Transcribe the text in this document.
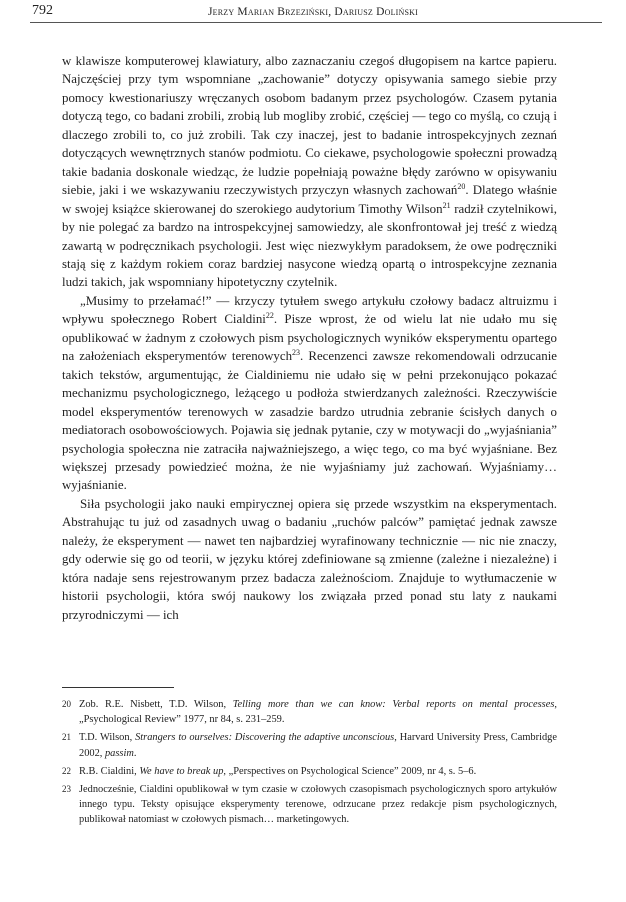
792	Jerzy Marian Brzeziński, Dariusz Doliński

w klawisze komputerowej klawiatury, albo zaznaczaniu czegoś długopisem na kartce papieru. Najczęściej przy tym wspomniane „zachowanie” dotyczy opisywania samego siebie przy pomocy kwestionariuszy wręczanych osobom badanym przez psychologów. Czasem pytania dotyczą tego, co badani zrobili, zrobią lub mogliby zrobić, częściej — tego co myślą, co czują i dlaczego zrobili to, co już zrobili. Tak czy inaczej, jest to badanie introspekcyjnych zeznań dotyczących wewnętrznych stanów podmiotu. Co ciekawe, psychologowie społeczni prowadzą takie badania doskonale wiedząc, że ludzie popełniają poważne błędy zarówno w opisywaniu siebie, jaki i we wskazywaniu rzeczywistych przyczyn własnych zachowań$^{20}$. Dlatego właśnie w swojej książce skierowanej do szerokiego audytorium Timothy Wilson$^{21}$ radził czytelnikowi, by nie polegać za bardzo na introspekcyjnej samowiedzy, ale skonfrontował jej treść z wiedzą zawartą w podręcznikach psychologii. Jest więc niezwykłym paradoksem, że owe podręczniki stają się z każdym rokiem coraz bardziej nasycone wiedzą opartą o introspekcyjne zeznania ludzi takich, jak wspomniany hipotetyczny czytelnik.

„Musimy to przełamać!” — krzyczy tytułem swego artykułu czołowy badacz altruizmu i wpływu społecznego Robert Cialdini$^{22}$. Pisze wprost, że od wielu lat nie udało mu się opublikować w żadnym z czołowych pism psychologicznych wyników eksperymentu opartego na założeniach eksperymentów terenowych$^{23}$. Recenzenci zawsze rekomendowali odrzucanie takich tekstów, argumentując, że Cialdiniemu nie udało się w pełni przekonująco pokazać mechanizmu psychologicznego, leżącego u podłoża stwierdzanych zależności. Rzeczywiście model eksperymentów terenowych w zasadzie bardzo utrudnia zebranie ścisłych danych o mediatorach osobowościowych. Pojawia się jednak pytanie, czy w motywacji do „wyjaśniania” psychologia społeczna nie zatraciła najważniejszego, a więc tego, co ma być wyjaśniane. Bez większej przesady powiedzieć można, że nie wyjaśniamy już zachowań. Wyjaśniamy… wyjaśnianie.

Siła psychologii jako nauki empirycznej opiera się przede wszystkim na eksperymentach. Abstrahując tu już od zasadnych uwag o badaniu „ruchów palców” pamiętać jednak zawsze należy, że eksperyment — nawet ten najbardziej wyrafinowany technicznie — nic nie znaczy, gdy oderwie się go od teorii, w języku której zdefiniowane są zmienne (zależne i niezależne) i która nadaje sens rejestrowanym przez badacza zależnościom. Znajduje to wytłumaczenie w historii psychologii, która swój naukowy los związała przed ponad stu laty z naukami przyrodniczymi — ich

20 Zob. R.E. Nisbett, T.D. Wilson, Telling more than we can know: Verbal reports on mental processes, „Psychological Review” 1977, nr 84, s. 231–259.
21 T.D. Wilson, Strangers to ourselves: Discovering the adaptive unconscious, Harvard University Press, Cambridge 2002, passim.
22 R.B. Cialdini, We have to break up, „Perspectives on Psychological Science” 2009, nr 4, s. 5–6.
23 Jednocześnie, Cialdini opublikował w tym czasie w czołowych czasopismach psychologicznych sporo artykułów innego typu. Teksty opisujące eksperymenty terenowe, odrzucane przez redakcje pism psychologicznych, publikował natomiast w czołowych pismach… marketingowych.
